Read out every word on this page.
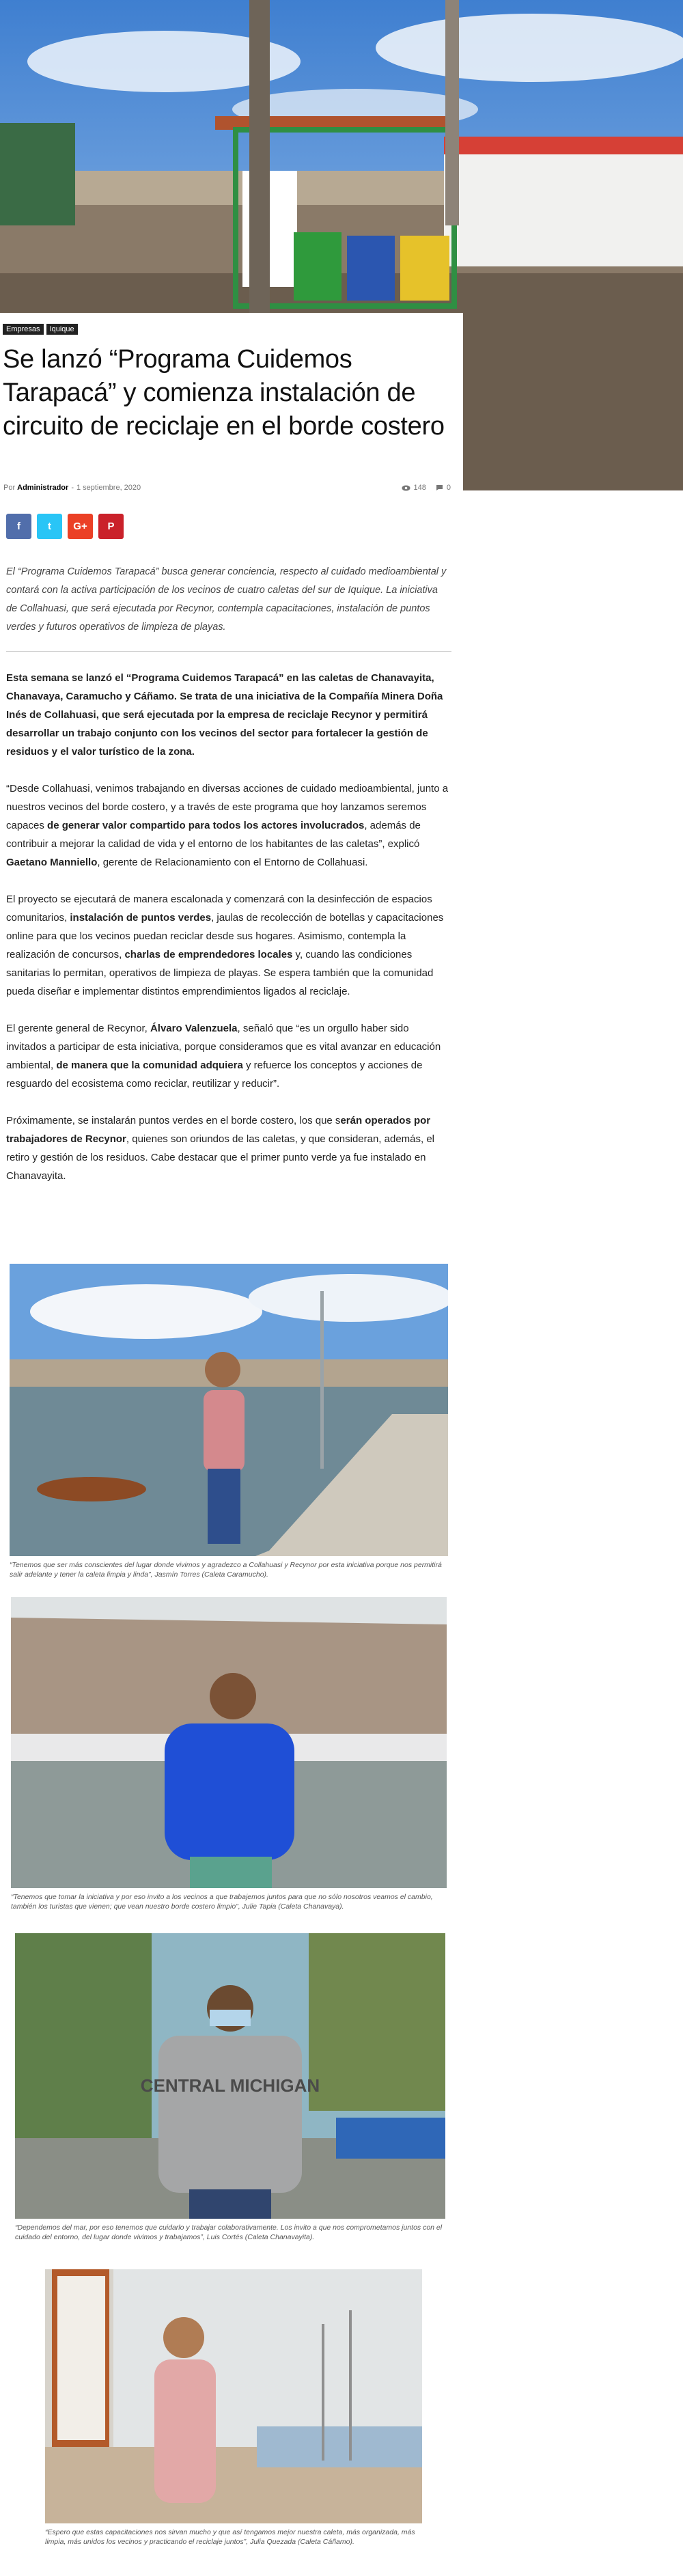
Empresas	Iquique
Se lanzó “Programa Cuidemos Tarapacá” y comienza instalación de circuito de reciclaje en el borde costero
Por Administrador - 1 septiembre, 2020	148	0
f	t G+ P

El “Programa Cuidemos Tarapacá” busca generar conciencia, respecto al cuidado medioambiental y contará con la activa participación de los vecinos de cuatro caletas del sur de Iquique. La iniciativa de Collahuasi, que será ejecutada por Recynor, contempla capacitaciones, instalación de puntos verdes y futuros operativos de limpieza de playas.

Esta semana se lanzó el “Programa Cuidemos Tarapacá” en las caletas de Chanavayita, Chanavaya, Caramucho y Cáñamo. Se trata de una iniciativa de la Compañía Minera Doña Inés de Collahuasi, que será ejecutada por la empresa de reciclaje Recynor y permitirá desarrollar un trabajo conjunto con los vecinos del sector para fortalecer la gestión de residuos y el valor turístico de la zona.

“Desde Collahuasi, venimos trabajando en diversas acciones de cuidado medioambiental, junto a nuestros vecinos del borde costero, y a través de este programa que hoy lanzamos seremos capaces de generar valor compartido para todos los actores involucrados, además de contribuir a mejorar la calidad de vida y el entorno de los habitantes de las caletas”, explicó Gaetano Manniello, gerente de Relacionamiento con el Entorno de Collahuasi.

El proyecto se ejecutará de manera escalonada y comenzará con la desinfección de espacios comunitarios, instalación de puntos verdes, jaulas de recolección de botellas y capacitaciones online para que los vecinos puedan reciclar desde sus hogares. Asimismo, contempla la realización de concursos, charlas de emprendedores locales y, cuando las condiciones sanitarias lo permitan, operativos de limpieza de playas. Se espera también que la comunidad pueda diseñar e implementar distintos emprendimientos ligados al reciclaje.

El gerente general de Recynor, Álvaro Valenzuela, señaló que “es un orgullo haber sido invitados a participar de esta iniciativa, porque consideramos que es vital avanzar en educación ambiental, de manera que la comunidad adquiera y refuerce los conceptos y acciones de resguardo del ecosistema como reciclar, reutilizar y reducir”.

Próximamente, se instalarán puntos verdes en el borde costero, los que serán operados por trabajadores de Recynor, quienes son oriundos de las caletas, y que consideran, además, el retiro y gestión de los residuos. Cabe destacar que el primer punto verde ya fue instalado en Chanavayita.

“Tenemos que ser más conscientes del lugar donde vivimos y agradezco a Collahuasi y Recynor por esta iniciativa porque nos permitirá salir adelante y tener la caleta limpia y linda”, Jasmín Torres (Caleta Caramucho).

“Tenemos que tomar la iniciativa y por eso invito a los vecinos a que trabajemos juntos para que no sólo nosotros veamos el cambio, también los turistas que vienen; que vean nuestro borde costero limpio”, Julie Tapia (Caleta Chanavaya).

CENTRAL MICHIGAN

“Dependemos del mar, por eso tenemos que cuidarlo y trabajar colaborativamente. Los invito a que nos comprometamos juntos con el cuidado del entorno, del lugar donde vivimos y trabajamos”, Luis Cortés (Caleta Chanavayita).

“Espero que estas capacitaciones nos sirvan mucho y que así tengamos mejor nuestra caleta, más organizada, más limpia, más unidos los vecinos y practicando el reciclaje juntos”, Julia Quezada (Caleta Cáñamo).
